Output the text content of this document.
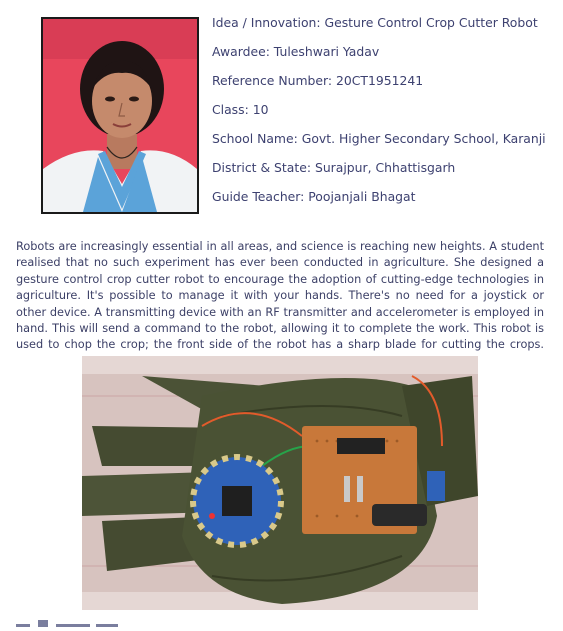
Idea / Innovation: Gesture Control Crop Cutter Robot
Awardee: Tuleshwari Yadav
Reference Number: 20CT1951241
Class: 10
School Name: Govt. Higher Secondary School, Karanji
District & State: Surajpur, Chhattisgarh
Guide Teacher: Poojanjali Bhagat

Robots are increasingly essential in all areas, and science is reaching new heights. A student realised that no such experiment has ever been conducted in agriculture. She designed a gesture control crop cutter robot to encourage the adoption of cutting-edge technologies in agriculture. It's possible to manage it with your hands. There's no need for a joystick or other device. A transmitting device with an RF transmitter and accelerometer is employed in hand. This will send a command to the robot, allowing it to complete the work. This robot is used to chop the crop; the front side of the robot has a sharp blade for cutting the crops.
